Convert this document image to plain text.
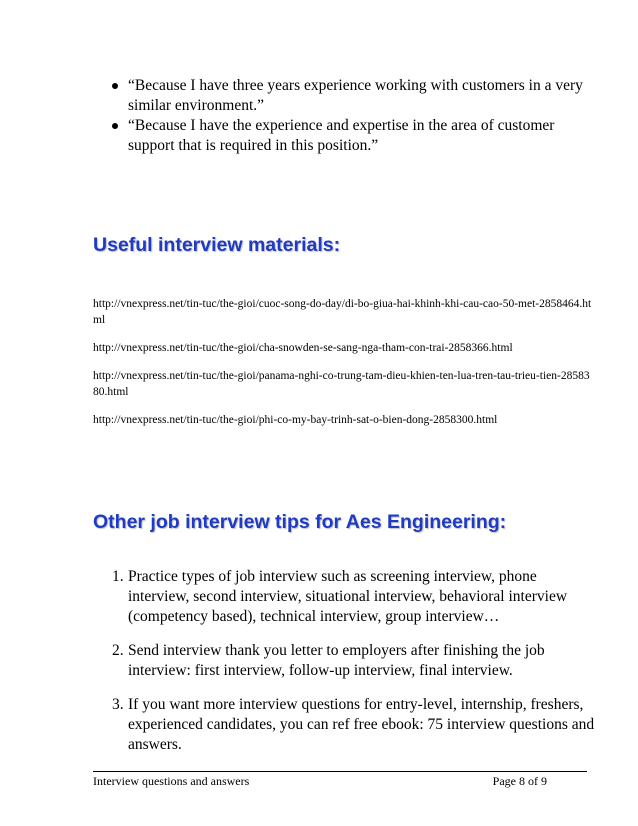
“Because I have three years experience working with customers in a very similar environment.”
“Because I have the experience and expertise in the area of customer support that is required in this position.”
Useful interview materials:

http://vnexpress.net/tin-tuc/the-gioi/cuoc-song-do-day/di-bo-giua-hai-khinh-khi-cau-cao-50-met-2858464.html

http://vnexpress.net/tin-tuc/the-gioi/cha-snowden-se-sang-nga-tham-con-trai-2858366.html

http://vnexpress.net/tin-tuc/the-gioi/panama-nghi-co-trung-tam-dieu-khien-ten-lua-tren-tau-trieu-tien-2858380.html

http://vnexpress.net/tin-tuc/the-gioi/phi-co-my-bay-trinh-sat-o-bien-dong-2858300.html

Other job interview tips for Aes Engineering:
1. Practice types of job interview such as screening interview, phone interview, second interview, situational interview, behavioral interview (competency based), technical interview, group interview…
2. Send interview thank you letter to employers after finishing the job interview: first interview, follow-up interview, final interview.
3. If you want more interview questions for entry-level, internship, freshers, experienced candidates, you can ref free ebook: 75 interview questions and answers.
Interview questions and answers	Page 8 of 9
